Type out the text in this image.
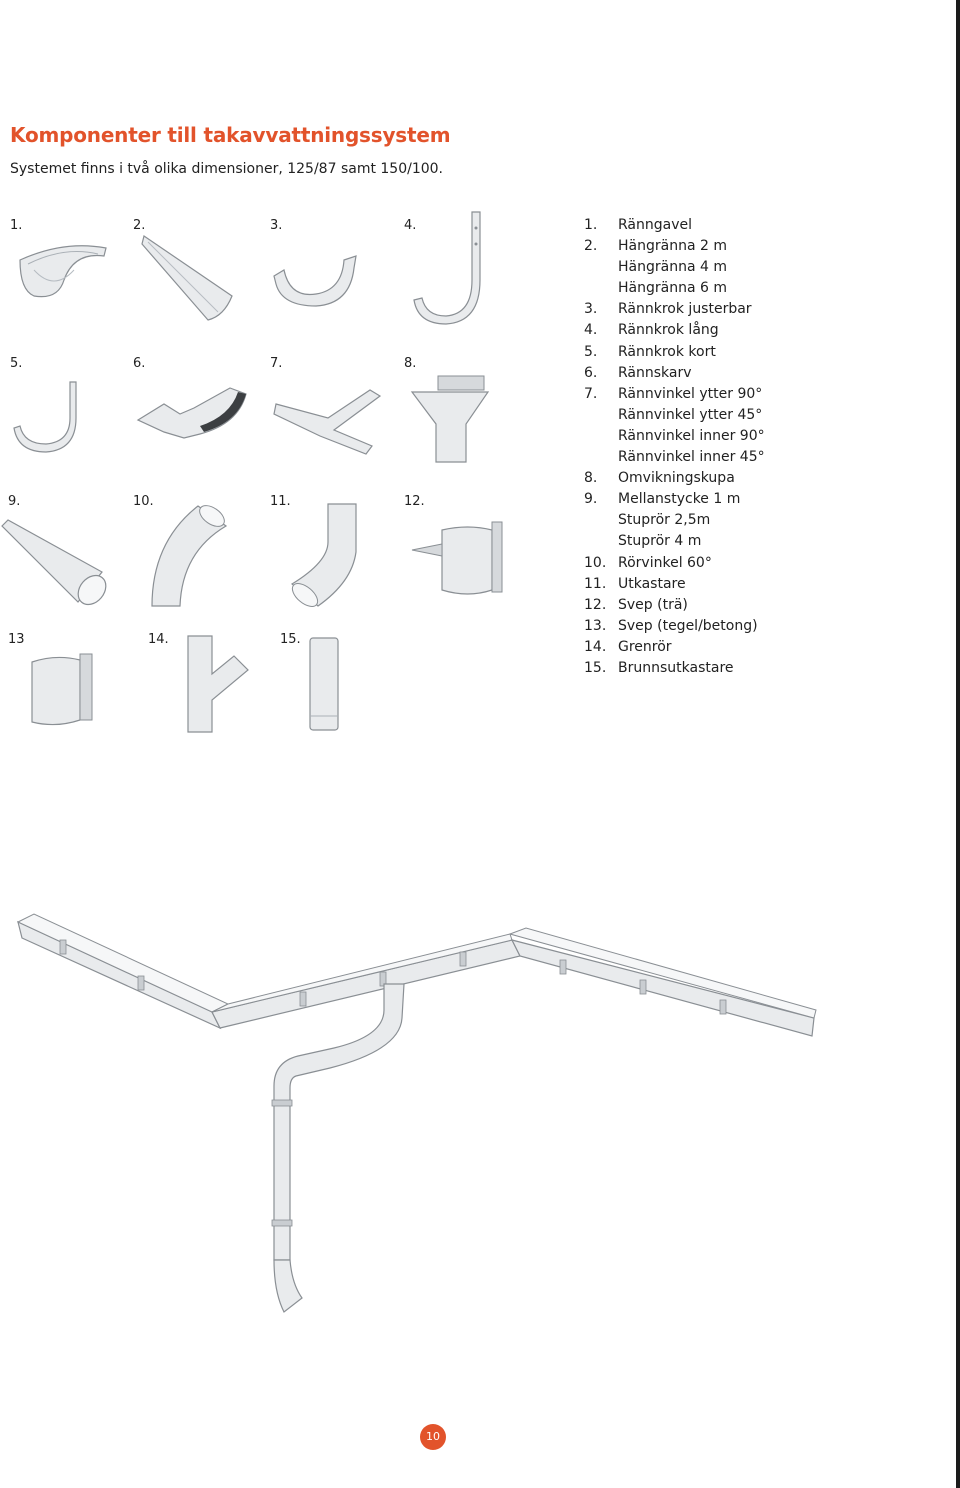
Komponenter till takavvattningssystem
Systemet finns i två olika dimensioner, 125/87 samt 150/100.
1.	2.	3.	4.
5.	6.	7.	8.
9.	10.	11.	12.
13	14.	15.
1.	Ränngavel
2.	Hängränna 2 m
Hängränna 4 m
Hängränna 6 m
3.	Rännkrok justerbar
4.	Rännkrok lång
5.	Rännkrok kort
6.	Rännskarv
7.	Rännvinkel ytter 90°
Rännvinkel ytter 45°
Rännvinkel inner 90°
Rännvinkel inner 45°
8.	Omvikningskupa
9.	Mellanstycke 1 m
Stuprör 2,5m
Stuprör 4 m
10. Rörvinkel 60°
11. Utkastare
12. Svep (trä)
13. Svep (tegel/betong)
14. Grenrör
15. Brunnsutkastare
10
